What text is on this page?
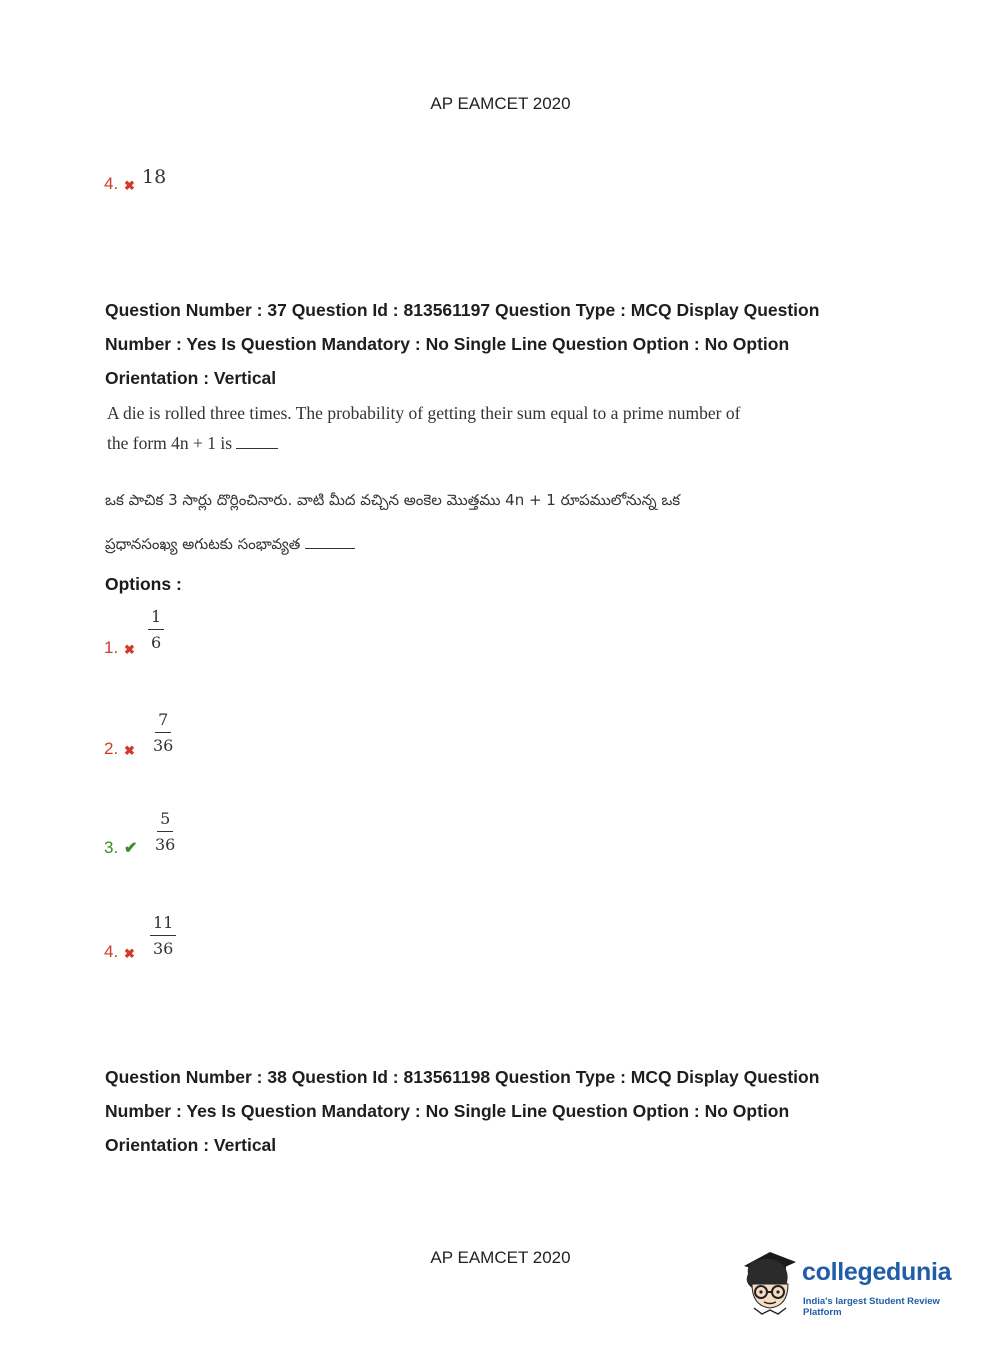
AP EAMCET 2020
4. ✖ 18
Question Number : 37 Question Id : 813561197 Question Type : MCQ Display Question
Number : Yes Is Question Mandatory : No Single Line Question Option : No Option
Orientation : Vertical
A die is rolled three times. The probability of getting their sum equal to a prime number of
the form 4n + 1 is
ఒక పాచిక 3 సార్లు దొర్లించినారు. వాటి మీద వచ్చిన అంకెల మొత్తము 4n + 1 రూపములోనున్న ఒక
ప్రధానసంఖ్య అగుటకు సంభావ్యత
Options :
1. ✖ $\frac{1}{6}$
2. ✖ $\frac{7}{36}$
3. ✔ $\frac{5}{36}$
4. ✖ $\frac{11}{36}$
Question Number : 38 Question Id : 813561198 Question Type : MCQ Display Question
Number : Yes Is Question Mandatory : No Single Line Question Option : No Option
Orientation : Vertical
AP EAMCET 2020
collegedunia
India's largest Student Review Platform
